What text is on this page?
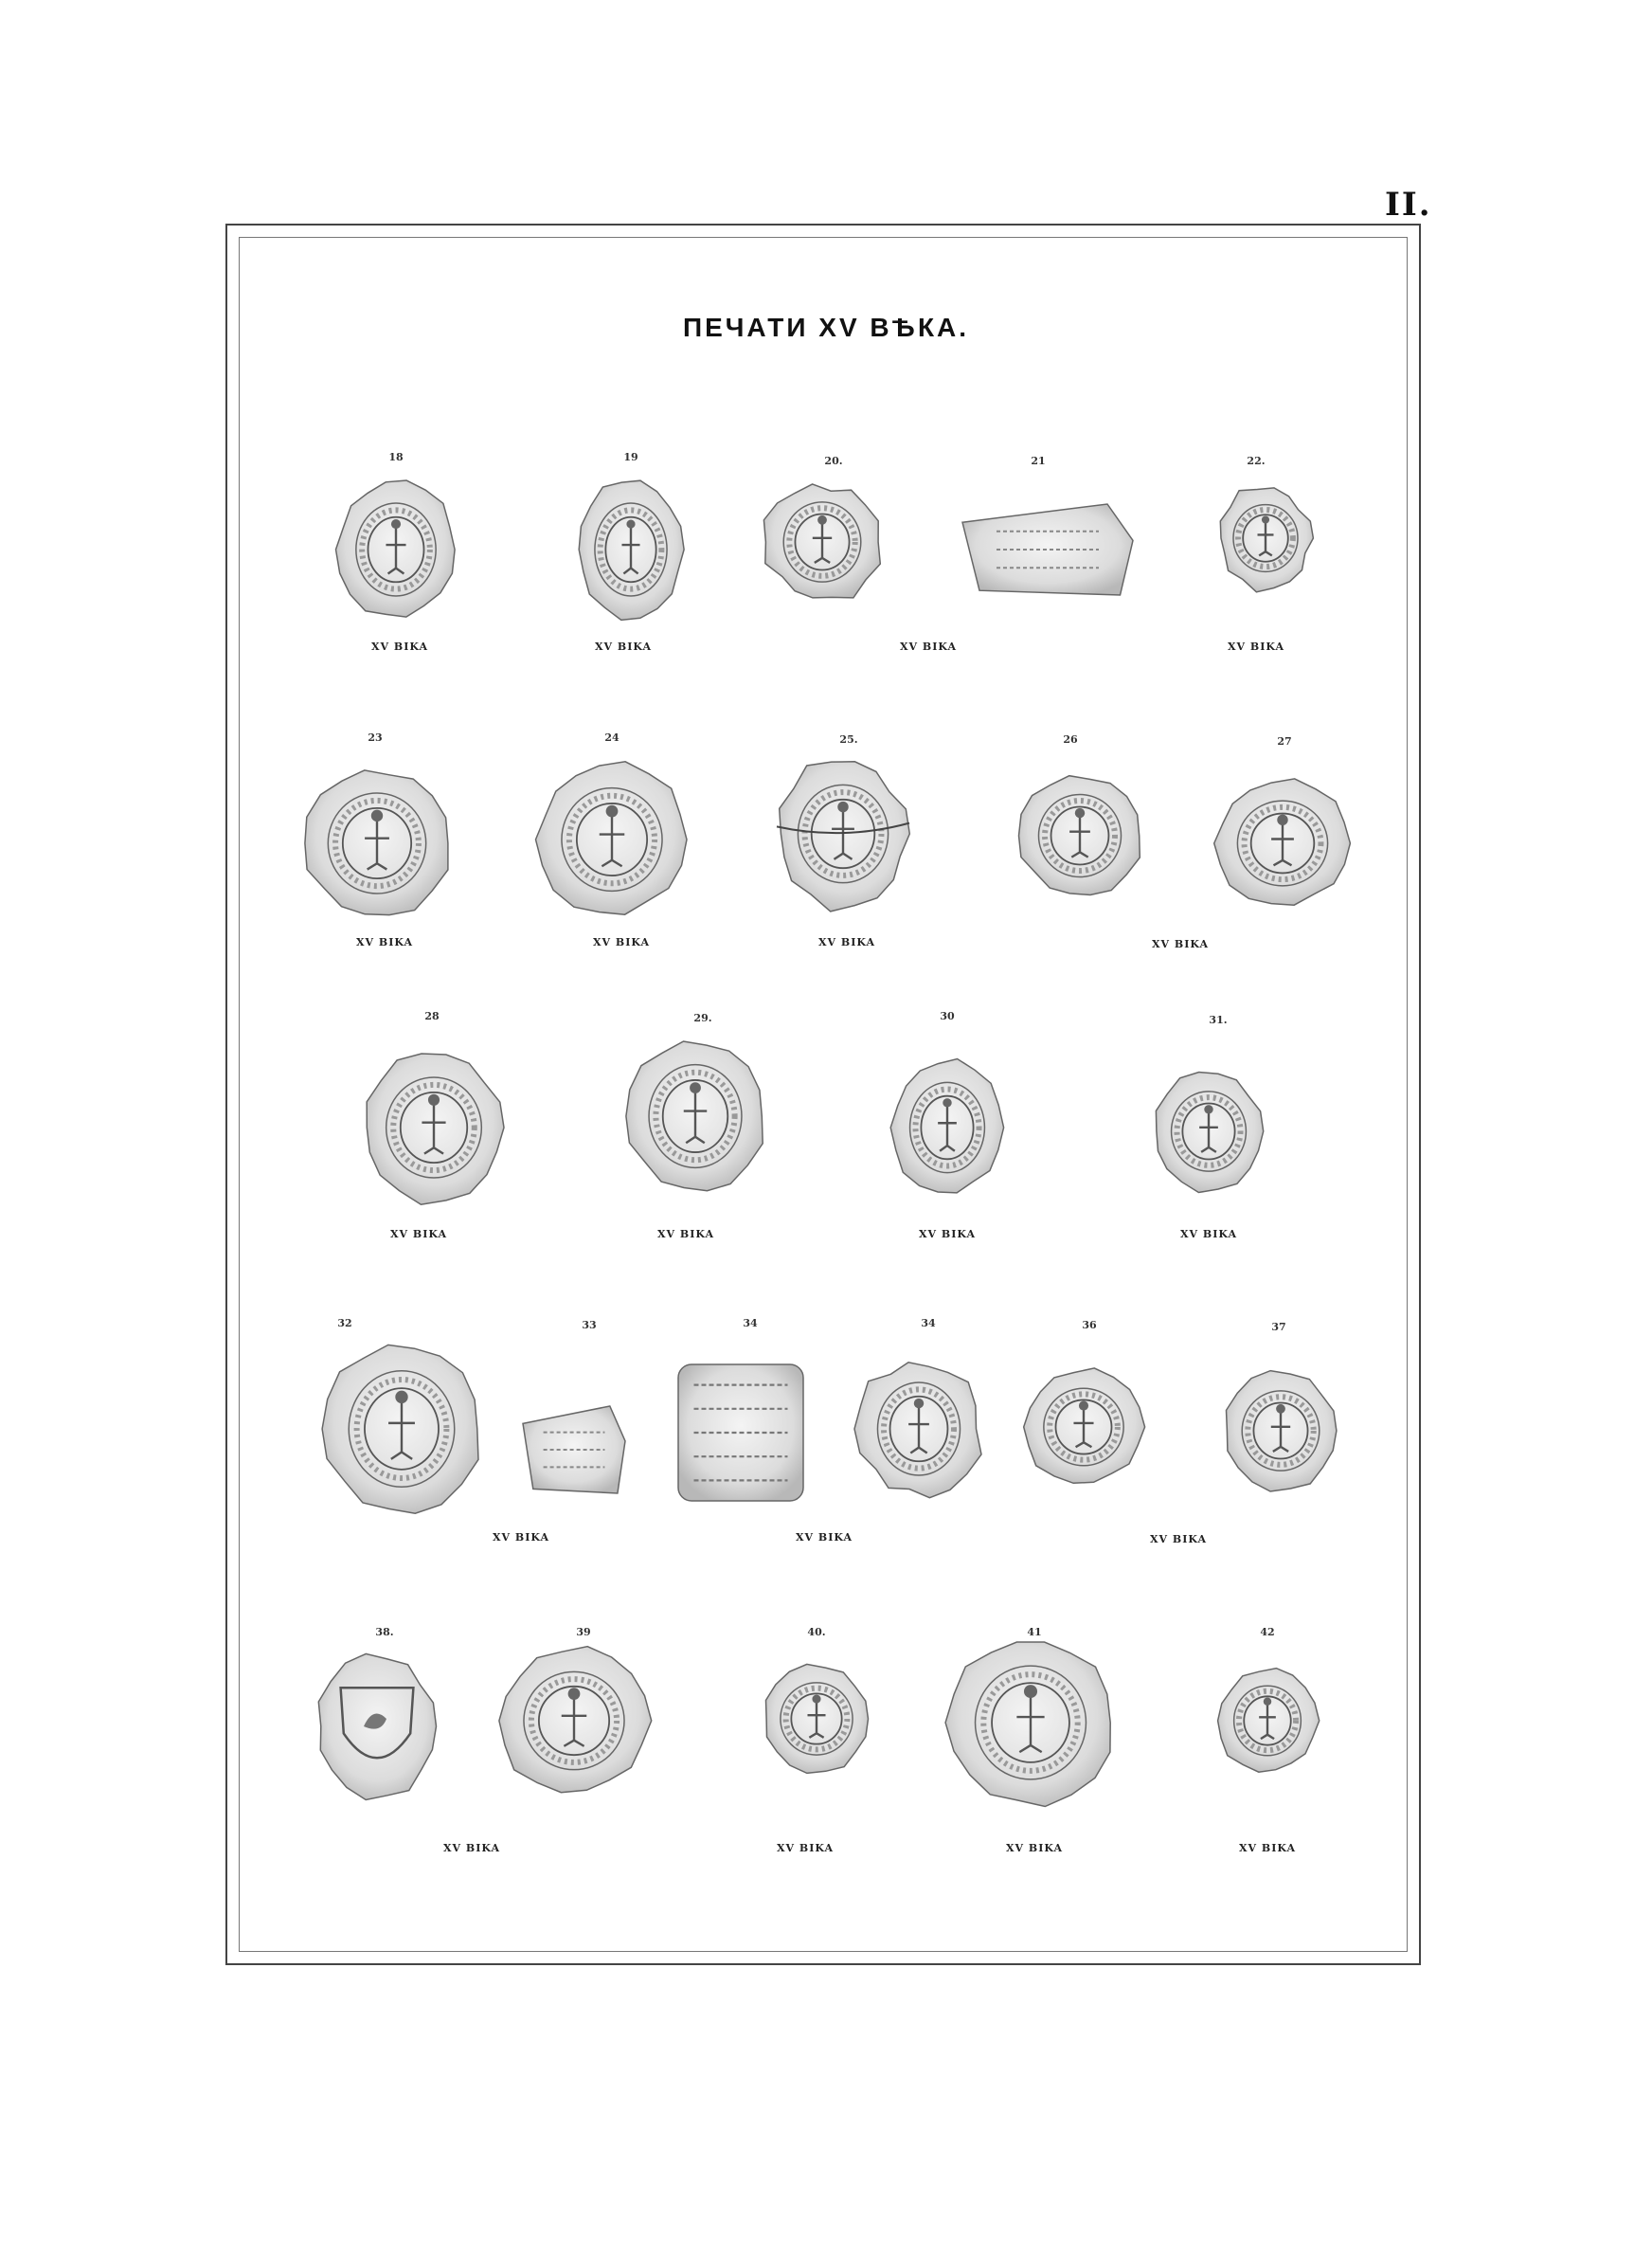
II.
ПЕЧАТИ XV ВѢКА.
18	19	20.	21	22.
23	24	25.	26	27
28	29.	30	31.
32	33	34	34	36	37
38.	39	40.	41	42
XV BIKA	XV BIKA	XV BIKA	XV BIKA
XV BIKA	XV BIKA	XV BIKA	XV BIKA
XV BIKA	XV BIKA	XV BIKA	XV BIKA
XV BIKA	XV BIKA	XV BIKA
XV BIKA	XV BIKA	XV BIKA	XV BIKA
